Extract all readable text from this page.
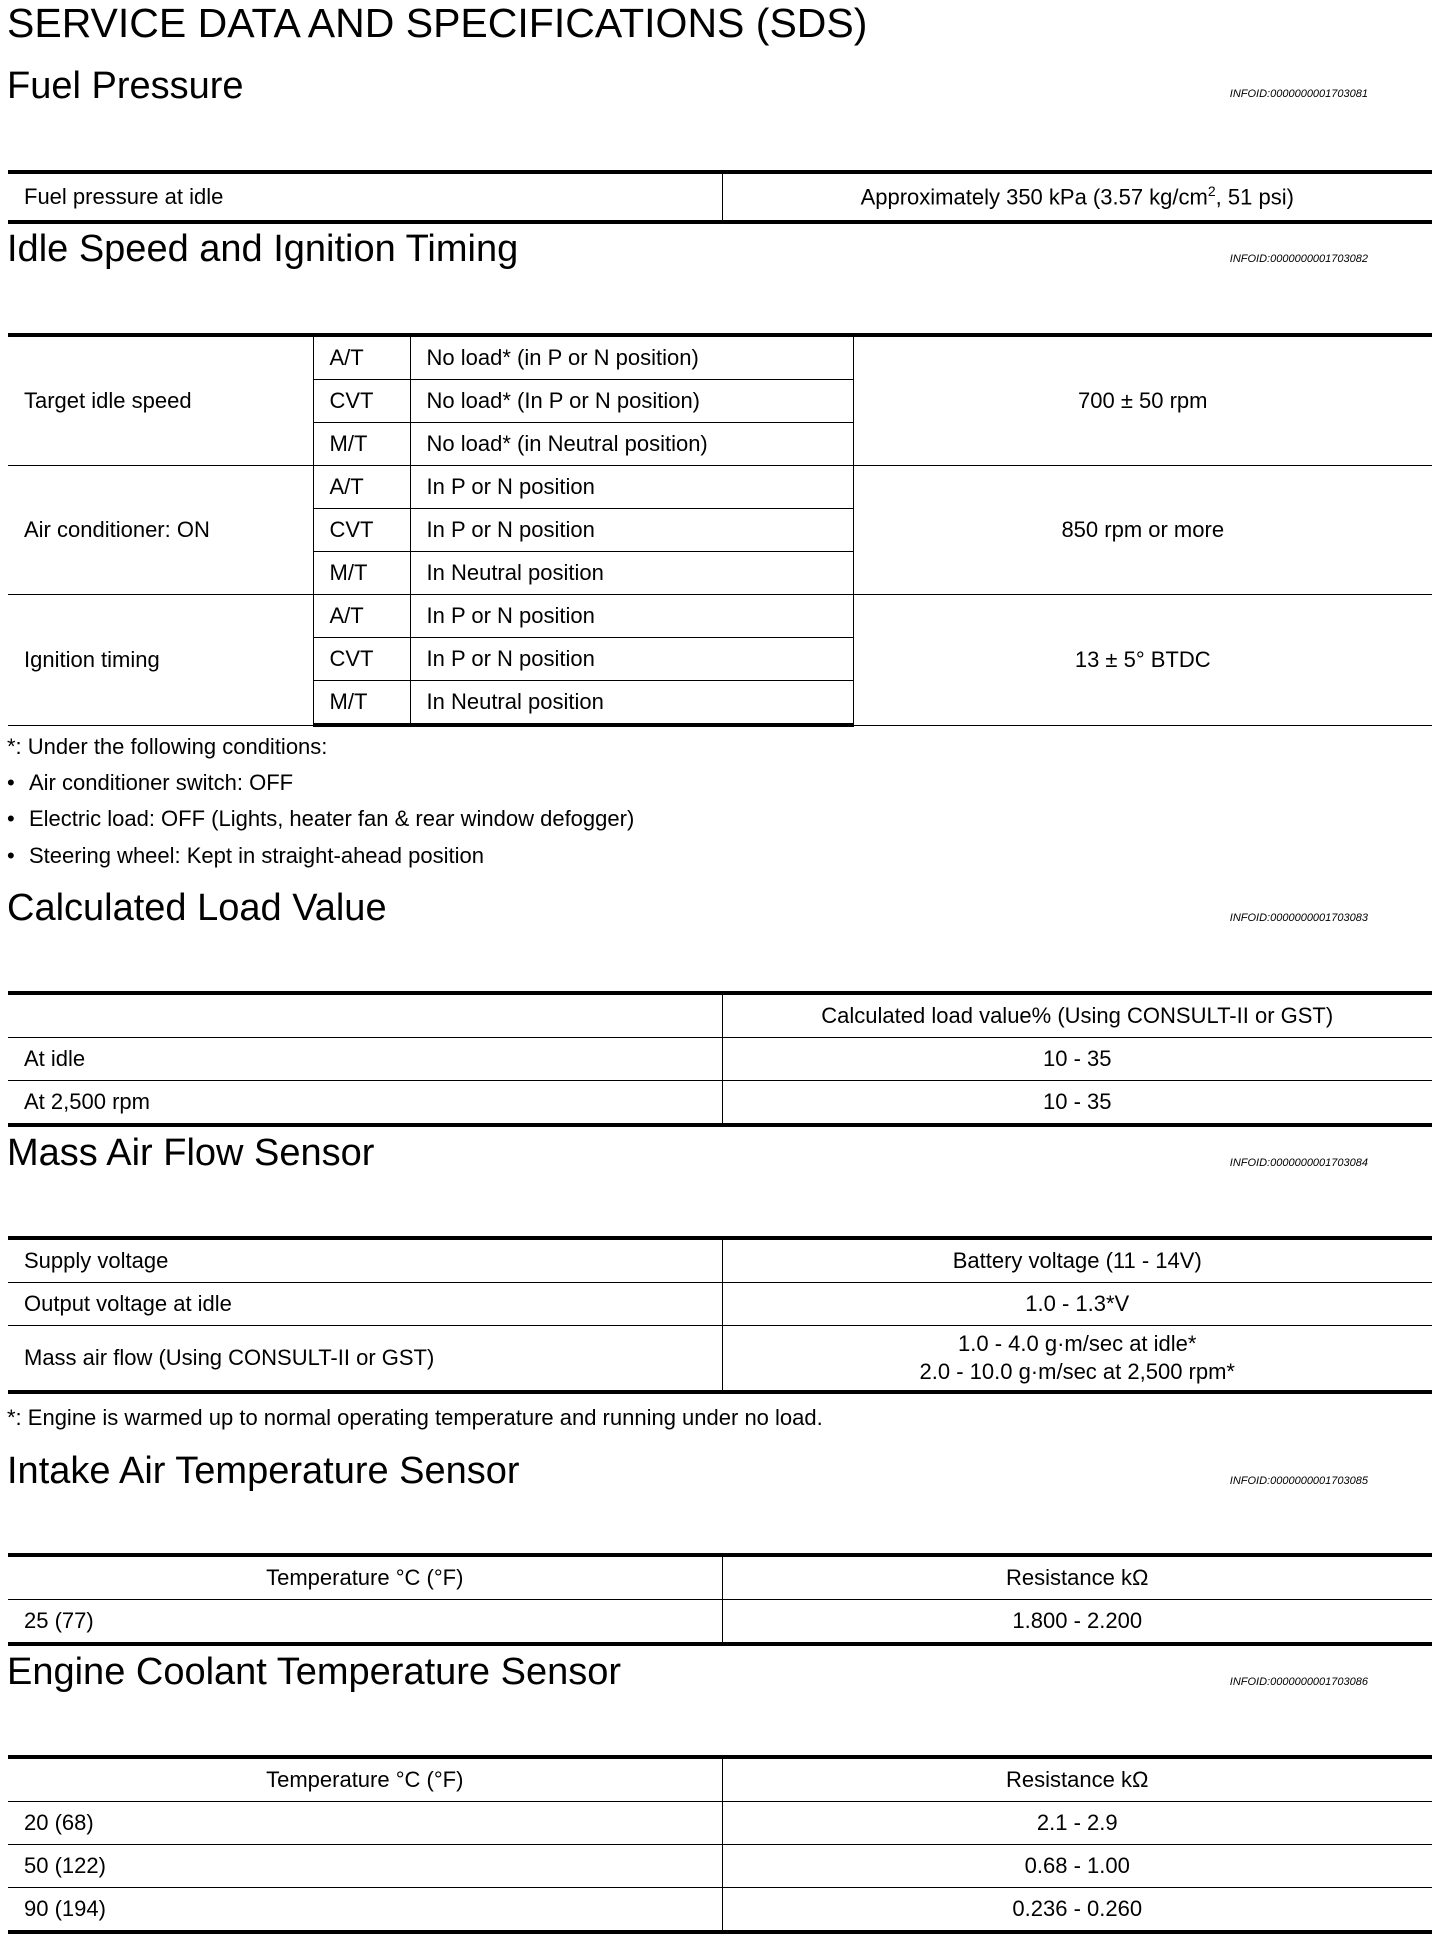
SERVICE DATA AND SPECIFICATIONS (SDS)
Fuel Pressure	INFOID:0000000001703081
Fuel pressure at idle	Approximately 350 kPa (3.57 $kg/cm^2$, 51 psi)
Idle Speed and Ignition Timing	INFOID:0000000001703082
Target idle speed	A/T	No load* (in P or N position)	700 ± 50 rpm
	CVT	No load* (In P or N position)	
	M/T	No load* (in Neutral position)	
Air conditioner: ON	A/T	In P or N position	850 rpm or more
	CVT	In P or N position	
	M/T	In Neutral position	
Ignition timing	A/T	In P or N position	13 ± 5° BTDC
	CVT	In P or N position	
	M/T	In Neutral position	
*: Under the following conditions:
• Air conditioner switch: OFF
• Electric load: OFF (Lights, heater fan & rear window defogger)
• Steering wheel: Kept in straight-ahead position
Calculated Load Value	INFOID:0000000001703083
	Calculated load value% (Using CONSULT-II or GST)
At idle	10 - 35
At 2,500 rpm	10 - 35
Mass Air Flow Sensor	INFOID:0000000001703084
Supply voltage	Battery voltage (11 - 14V)
Output voltage at idle	1.0 - 1.3*V
Mass air flow (Using CONSULT-II or GST)	1.0 - 4.0 g·m/sec at idle*
2.0 - 10.0 g·m/sec at 2,500 rpm*
*: Engine is warmed up to normal operating temperature and running under no load.
Intake Air Temperature Sensor	INFOID:0000000001703085
Temperature °C (°F)	Resistance kΩ
25 (77)	1.800 - 2.200
Engine Coolant Temperature Sensor	INFOID:0000000001703086
Temperature °C (°F)	Resistance kΩ
20 (68)	2.1 - 2.9
50 (122)	0.68 - 1.00
90 (194)	0.236 - 0.260
